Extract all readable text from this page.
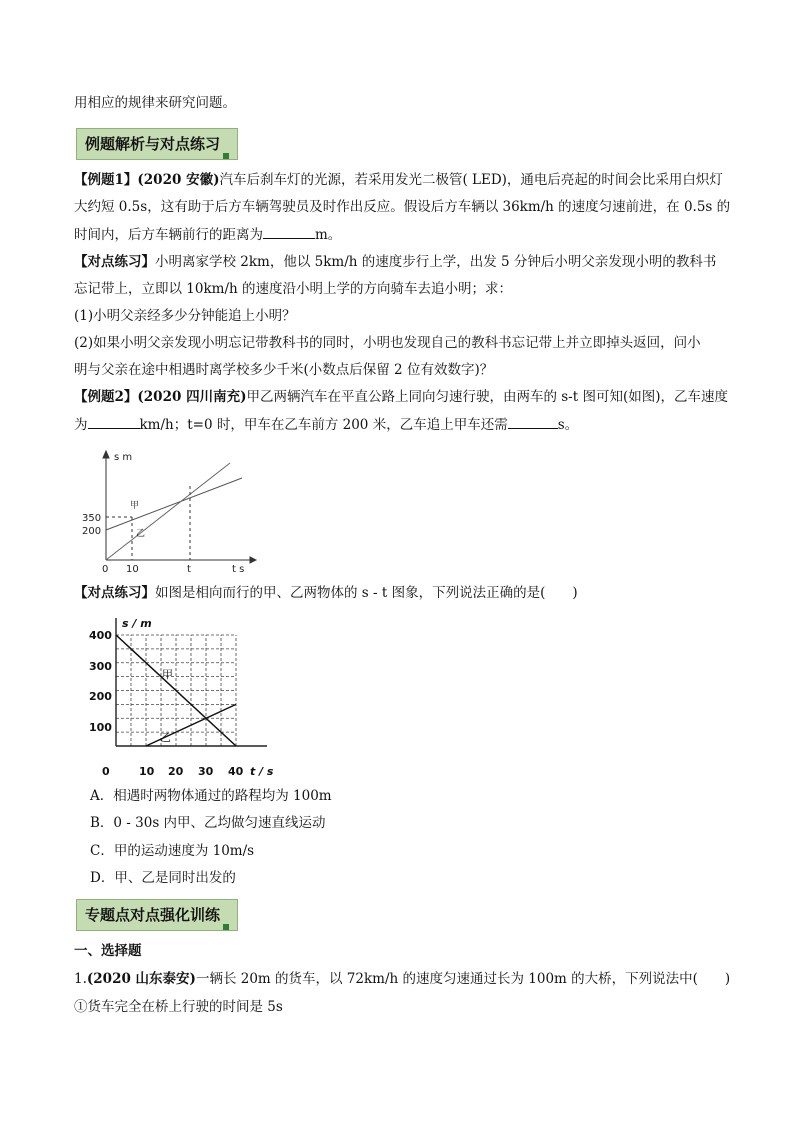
用相应的规律来研究问题。
例题解析与对点练习
【例题1】(2020 安徽)汽车后刹车灯的光源，若采用发光二极管( LED)，通电后亮起的时间会比采用白炽灯
大约短 0.5s，这有助于后方车辆驾驶员及时作出反应。假设后方车辆以 36km/h 的速度匀速前进，在 0.5s 的
时间内，后方车辆前行的距离为	m。
【对点练习】小明离家学校 2km，他以 5km/h 的速度步行上学，出发 5 分钟后小明父亲发现小明的教科书
忘记带上，立即以 10km/h 的速度沿小明上学的方向骑车去追小明；求：
(1)小明父亲经多少分钟能追上小明？
(2)如果小明父亲发现小明忘记带教科书的同时，小明也发现自己的教科书忘记带上并立即掉头返回，问小
明与父亲在途中相遇时离学校多少千米(小数点后保留 2 位有效数字)？
【例题2】(2020 四川南充)甲乙两辆汽车在平直公路上同向匀速行驶，由两车的 s-t 图可知(如图)，乙车速度
为	km/h；t=0 时，甲车在乙车前方 200 米，乙车追上甲车还需	s。
s m
t s
350
200
0 10	t
甲
乙
【对点练习】如图是相向而行的甲、乙两物体的 s - t 图象，下列说法正确的是(　　)
s / m
t / s
400
300
200
100
0	10 20 30 40
甲
乙
A．相遇时两物体通过的路程均为 100m
B．0 - 30s 内甲、乙均做匀速直线运动
C．甲的运动速度为 10m/s
D．甲、乙是同时出发的
专题点对点强化训练
一、选择题
1.(2020 山东泰安)一辆长 20m 的货车，以 72km/h 的速度匀速通过长为 100m 的大桥，下列说法中(　　)
①货车完全在桥上行驶的时间是 5s
